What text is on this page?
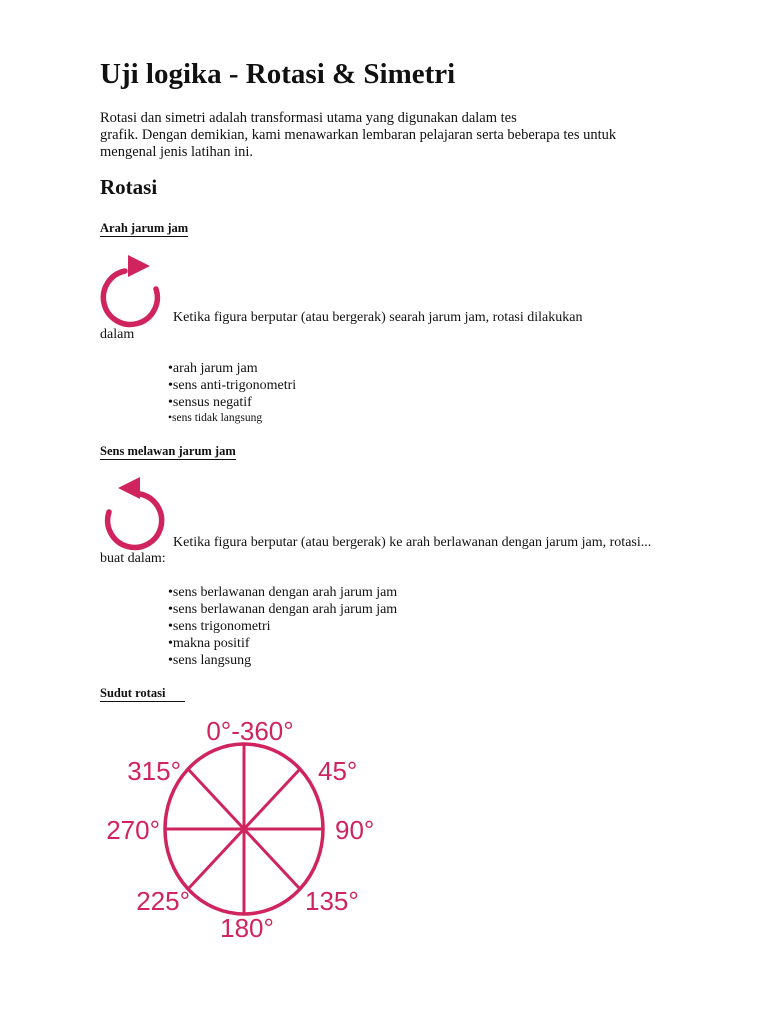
Uji logika - Rotasi & Simetri
Rotasi dan simetri adalah transformasi utama yang digunakan dalam tes
grafik. Dengan demikian, kami menawarkan lembaran pelajaran serta beberapa tes untuk
mengenal jenis latihan ini.
Rotasi
Arah jarum jam
Ketika figura berputar (atau bergerak) searah jarum jam, rotasi dilakukan
dalam
• arah jarum jam
• sens anti-trigonometri
• sensus negatif
• sens tidak langsung
Sens melawan jarum jam
Ketika figura berputar (atau bergerak) ke arah berlawanan dengan jarum jam, rotasi...
buat dalam:
• sens berlawanan dengan arah jarum jam
• sens berlawanan dengan arah jarum jam
• sens trigonometri
• makna positif
• sens langsung
Sudut rotasi
0°-360°
45°
90°
135°
180°
225°
270°
315°
